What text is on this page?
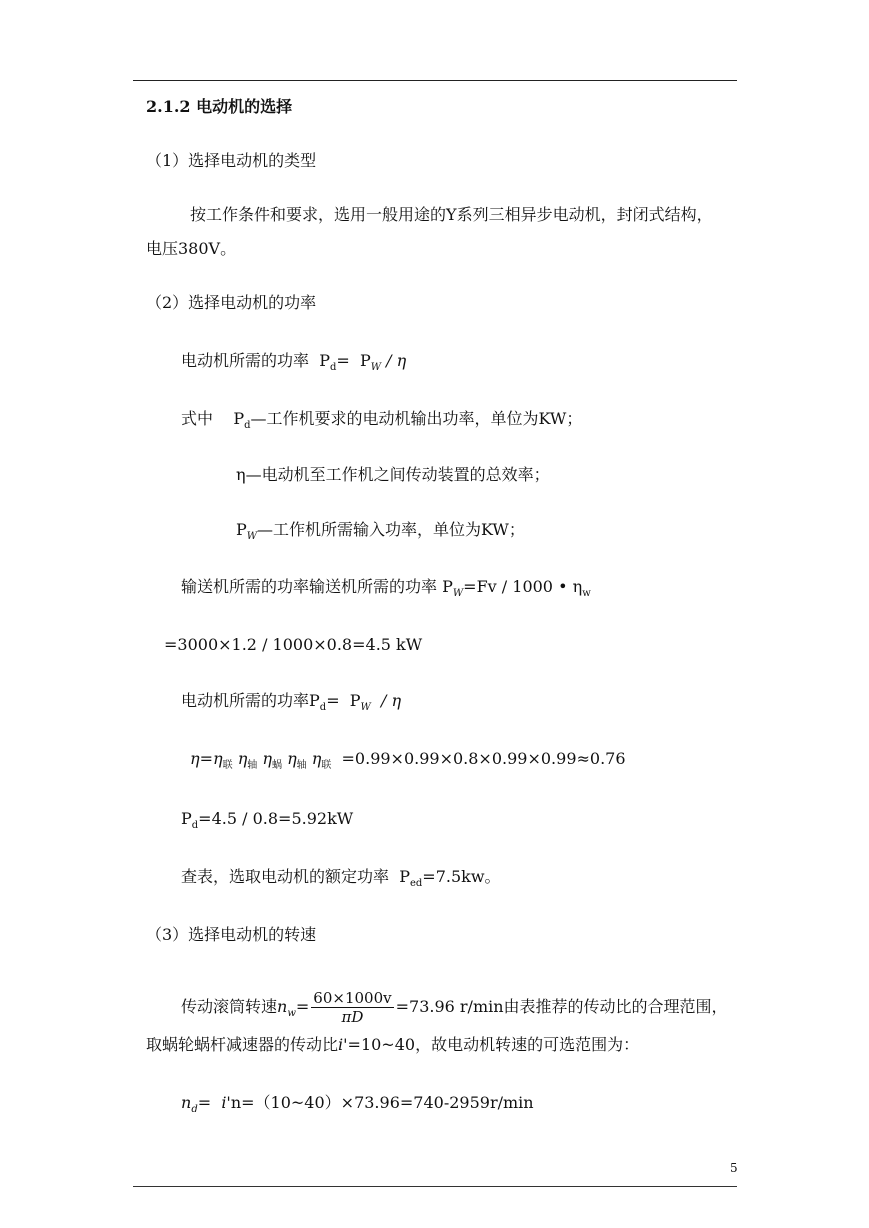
2.1.2 电动机的选择
（1）选择电动机的类型
按工作条件和要求，选用一般用途的Y系列三相异步电动机，封闭式结构，
电压380V。
（2）选择电动机的功率
电动机所需的功率 $P_d= P_W / \eta$
式中 $P_d—$工作机要求的电动机输出功率，单位为KW；
η—电动机至工作机之间传动装置的总效率；
$P_W—$工作机所需输入功率，单位为KW；
输送机所需的功率输送机所需的功率 $P_W=Fv / 1000$ • $\eta_w$
=3000×1.2 / 1000×0.8=4.5 kW
电动机所需的功率$P_d= P_W / \eta$
$\eta=\eta_联$ $\eta_轴$ $\eta_蜗$ $\eta_轴$ $\eta_联 =0.99\times 0.99\times 0.8\times 0.99\times 0.99\approx 0.76$
$P_d=4.5 / 0.8=5.92kW$
查表，选取电动机的额定功率 $P_{ed}=7.5kw$。
（3）选择电动机的转速
传动滚筒转速$n_w= \frac{60\times 1000v}{\pi D} =73.96$ r/min由表推荐的传动比的合理范围，
取蜗轮蜗杆减速器的传动比i'=10~40，故电动机转速的可选范围为：
$n_d=$  i'n=（10~40）×73.96=740-2959r/min
5
